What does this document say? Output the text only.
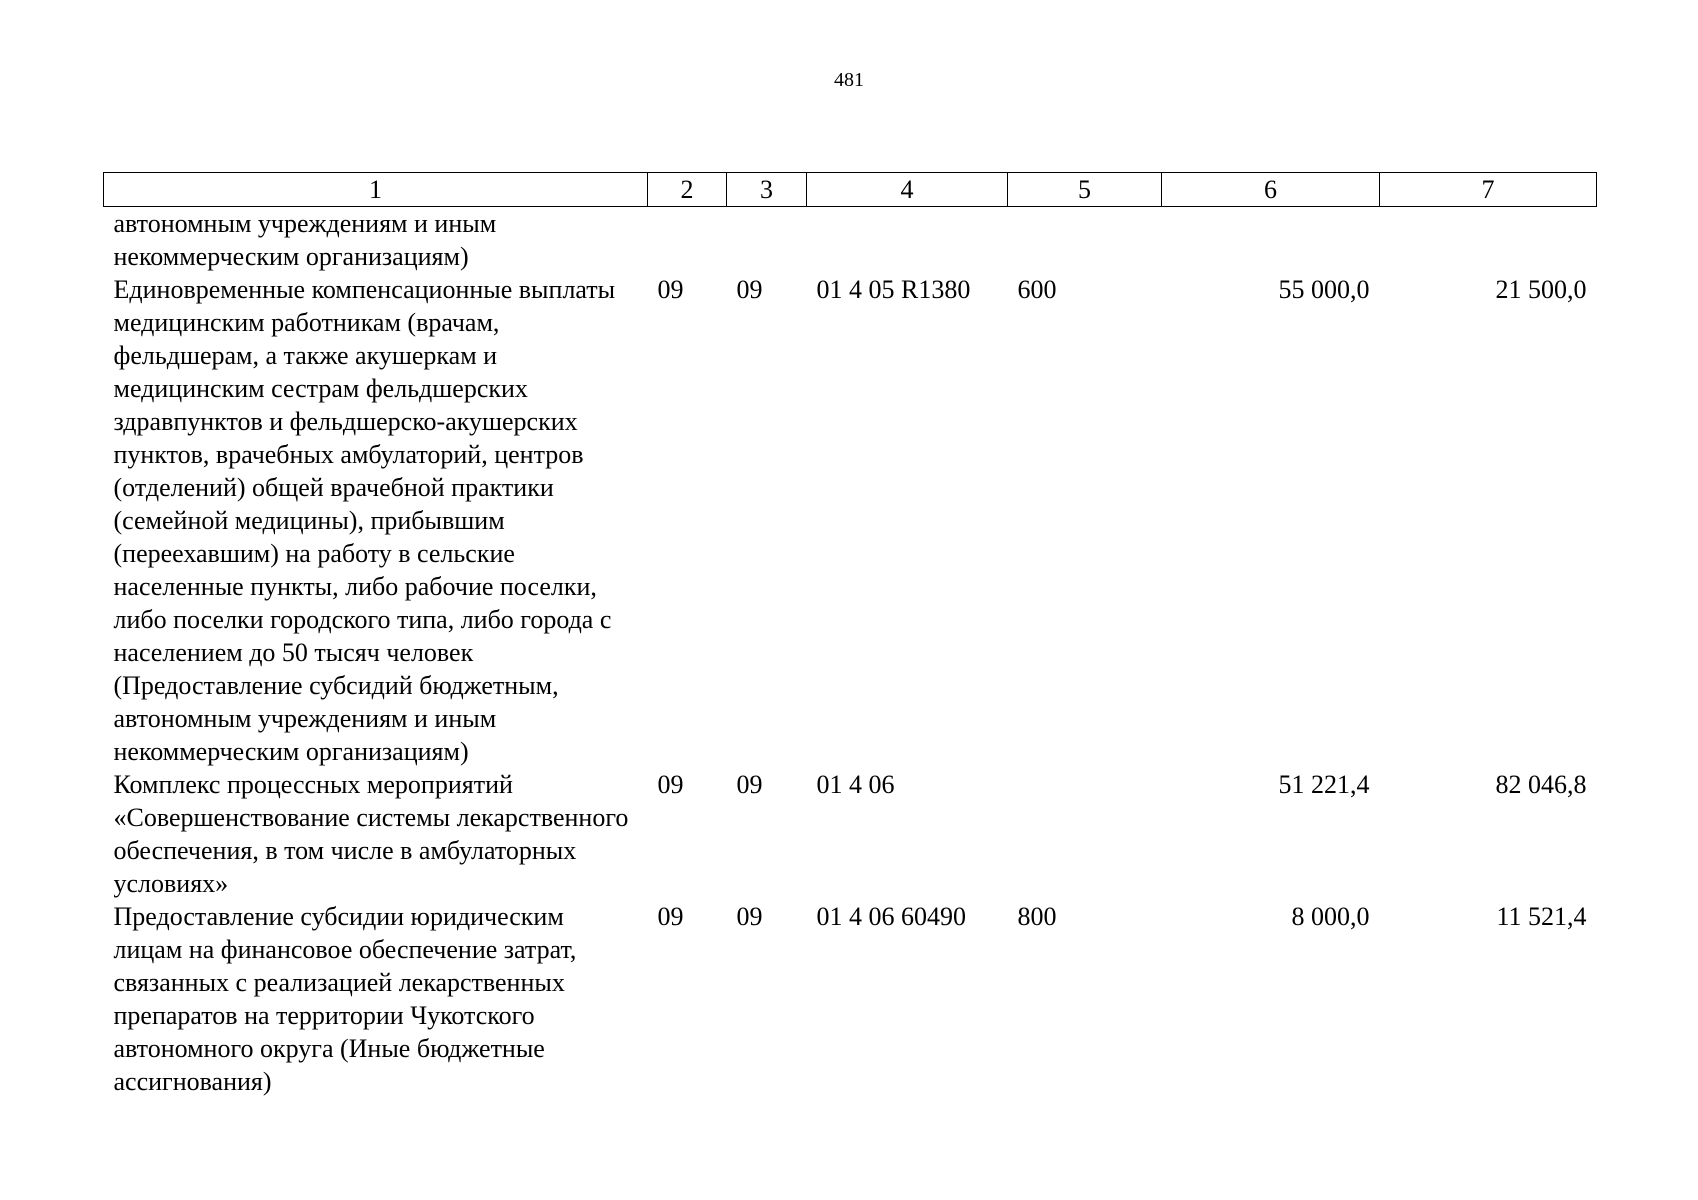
481
1	2	3	4	5	6	7
автономным учреждениям и иным некоммерческим организациям)						
Единовременные компенсационные выплаты медицинским работникам (врачам, фельдшерам, а также акушеркам и медицинским сестрам фельдшерских здравпунктов и фельдшерско-акушерских пунктов, врачебных амбулаторий, центров (отделений) общей врачебной практики (семейной медицины), прибывшим (переехавшим) на работу в сельские населенные пункты, либо рабочие поселки, либо поселки городского типа, либо города с населением до 50 тысяч человек (Предоставление субсидий бюджетным, автономным учреждениям и иным некоммерческим организациям)	09	09	01 4 05 R1380	600	55 000,0	21 500,0
Комплекс процессных мероприятий «Совершенствование системы лекарственного обеспечения, в том числе в амбулаторных условиях»	09	09	01 4 06		51 221,4	82 046,8
Предоставление субсидии юридическим лицам на финансовое обеспечение затрат, связанных с реализацией лекарственных препаратов на территории Чукотского автономного округа (Иные бюджетные ассигнования)	09	09	01 4 06 60490	800	8 000,0	11 521,4
